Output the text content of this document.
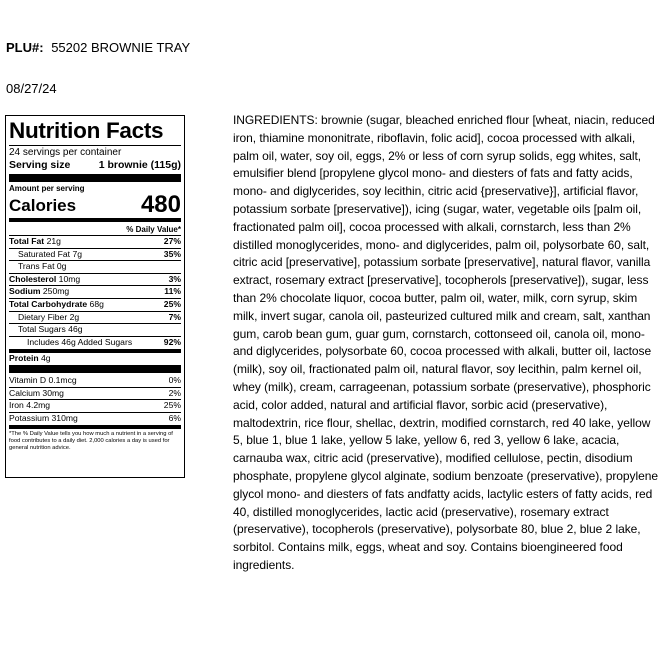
PLU#: 55202 BROWNIE TRAY
08/27/24
Nutrition Facts
24 servings per container
Serving size	1 brownie (115g)
Amount per serving
Calories	480
% Daily Value*
Total Fat 21g	27%
Saturated Fat 7g	35%
Trans Fat 0g
Cholesterol 10mg	3%
Sodium 250mg	11%
Total Carbohydrate 68g	25%
Dietary Fiber 2g	7%
Total Sugars 46g
Includes 46g Added Sugars	92%
Protein 4g
Vitamin D 0.1mcg	0%
Calcium 30mg	2%
Iron 4.2mg	25%
Potassium 310mg	6%
*The % Daily Value tells you how much a nutrient in a serving of food contributes to a daily diet. 2,000 calories a day is used for general nutrition advice.
INGREDIENTS: brownie (sugar, bleached enriched flour [wheat, niacin, reduced iron, thiamine mononitrate, riboflavin, folic acid], cocoa processed with alkali, palm oil, water, soy oil, eggs, 2% or less of corn syrup solids, egg whites, salt, emulsifier blend [propylene glycol mono- and diesters of fats and fatty acids, mono- and diglycerides, soy lecithin, citric acid {preservative}], artificial flavor, potassium sorbate [preservative]), icing (sugar, water, vegetable oils [palm oil, fractionated palm oil], cocoa processed with alkali, cornstarch, less than 2% distilled monoglycerides, mono- and diglycerides, palm oil, polysorbate 60, salt, citric acid [preservative], potassium sorbate [preservative], natural flavor, vanilla extract, rosemary extract [preservative], tocopherols [preservative]), sugar, less than 2% chocolate liquor, cocoa butter, palm oil, water, milk, corn syrup, skim milk, invert sugar, canola oil, pasteurized cultured milk and cream, salt, xanthan gum, carob bean gum, guar gum, cornstarch, cottonseed oil, canola oil, mono- and diglycerides, polysorbate 60, cocoa processed with alkali, butter oil, lactose (milk), soy oil, fractionated palm oil, natural flavor, soy lecithin, palm kernel oil, whey (milk), cream, carrageenan, potassium sorbate (preservative), phosphoric acid, color added, natural and artificial flavor, sorbic acid (preservative), maltodextrin, rice flour, shellac, dextrin, modified cornstarch, red 40 lake, yellow 5, blue 1, blue 1 lake, yellow 5 lake, yellow 6, red 3, yellow 6 lake, acacia, carnauba wax, citric acid (preservative), modified cellulose, pectin, disodium phosphate, propylene glycol alginate, sodium benzoate (preservative), propylene glycol mono- and diesters of fats andfatty acids, lactylic esters of fatty acids, red 40, distilled monoglycerides, lactic acid (preservative), rosemary extract (preservative), tocopherols (preservative), polysorbate 80, blue 2, blue 2 lake, sorbitol. Contains milk, eggs, wheat and soy. Contains bioengineered food ingredients.
